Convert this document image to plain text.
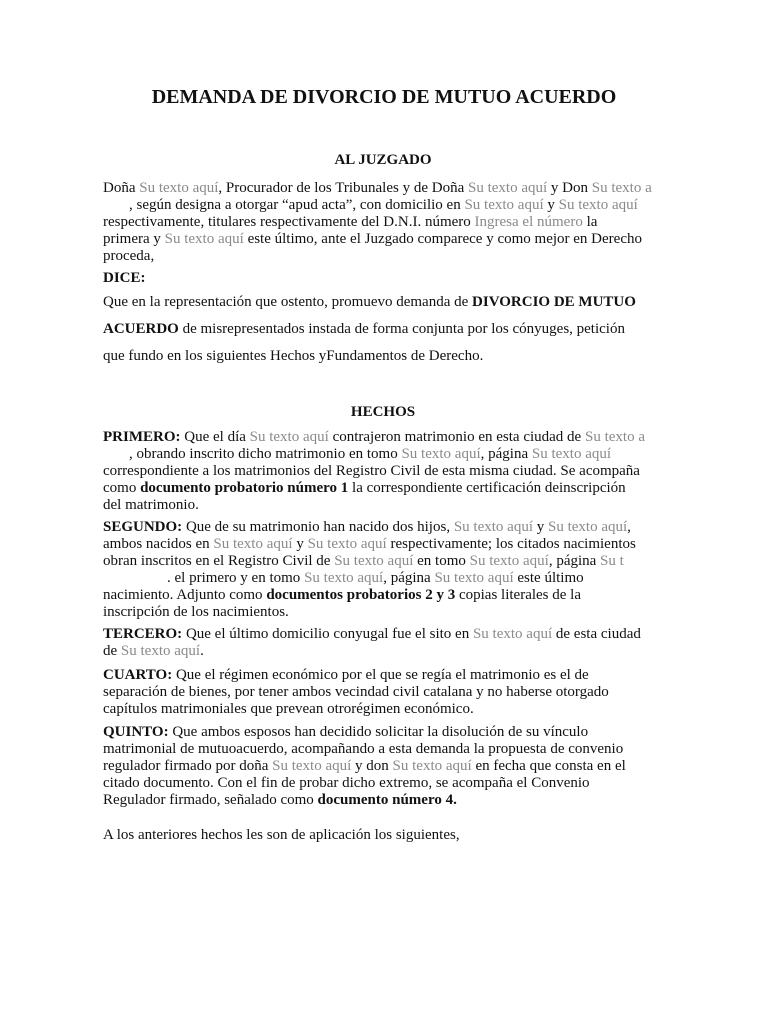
DEMANDA DE DIVORCIO DE MUTUO ACUERDO
AL JUZGADO
Doña Su texto aquí, Procurador de los Tribunales y de Doña Su texto aquí y Don Su texto a
, según designa a otorgar “apud acta”, con domicilio en Su texto aquí y Su texto aquí
respectivamente, titulares respectivamente del D.N.I. número Ingresa el número la
primera y Su texto aquí este último, ante el Juzgado comparece y como mejor en Derecho
proceda,
DICE:
Que en la representación que ostento, promuevo demanda de DIVORCIO DE MUTUO
ACUERDO de misrepresentados instada de forma conjunta por los cónyuges, petición
que fundo en los siguientes Hechos yFundamentos de Derecho.
HECHOS
PRIMERO: Que el día Su texto aquí contrajeron matrimonio en esta ciudad de Su texto a
, obrando inscrito dicho matrimonio en tomo Su texto aquí, página Su texto aquí
correspondiente a los matrimonios del Registro Civil de esta misma ciudad. Se acompaña
como documento probatorio número 1 la correspondiente certificación deinscripción
del matrimonio.
SEGUNDO: Que de su matrimonio han nacido dos hijos, Su texto aquí y Su texto aquí,
ambos nacidos en Su texto aquí y Su texto aquí respectivamente; los citados nacimientos
obran inscritos en el Registro Civil de Su texto aquí en tomo Su texto aquí, página Su t
. el primero y en tomo Su texto aquí, página Su texto aquí este último
nacimiento. Adjunto como documentos probatorios 2 y 3 copias literales de la
inscripción de los nacimientos.
TERCERO: Que el último domicilio conyugal fue el sito en Su texto aquí de esta ciudad
de Su texto aquí.
CUARTO: Que el régimen económico por el que se regía el matrimonio es el de
separación de bienes, por tener ambos vecindad civil catalana y no haberse otorgado
capítulos matrimoniales que prevean otrorégimen económico.
QUINTO: Que ambos esposos han decidido solicitar la disolución de su vínculo
matrimonial de mutuoacuerdo, acompañando a esta demanda la propuesta de convenio
regulador firmado por doña Su texto aquí y don Su texto aquí en fecha que consta en el
citado documento. Con el fin de probar dicho extremo, se acompaña el Convenio
Regulador firmado, señalado como documento número 4.
A los anteriores hechos les son de aplicación los siguientes,
